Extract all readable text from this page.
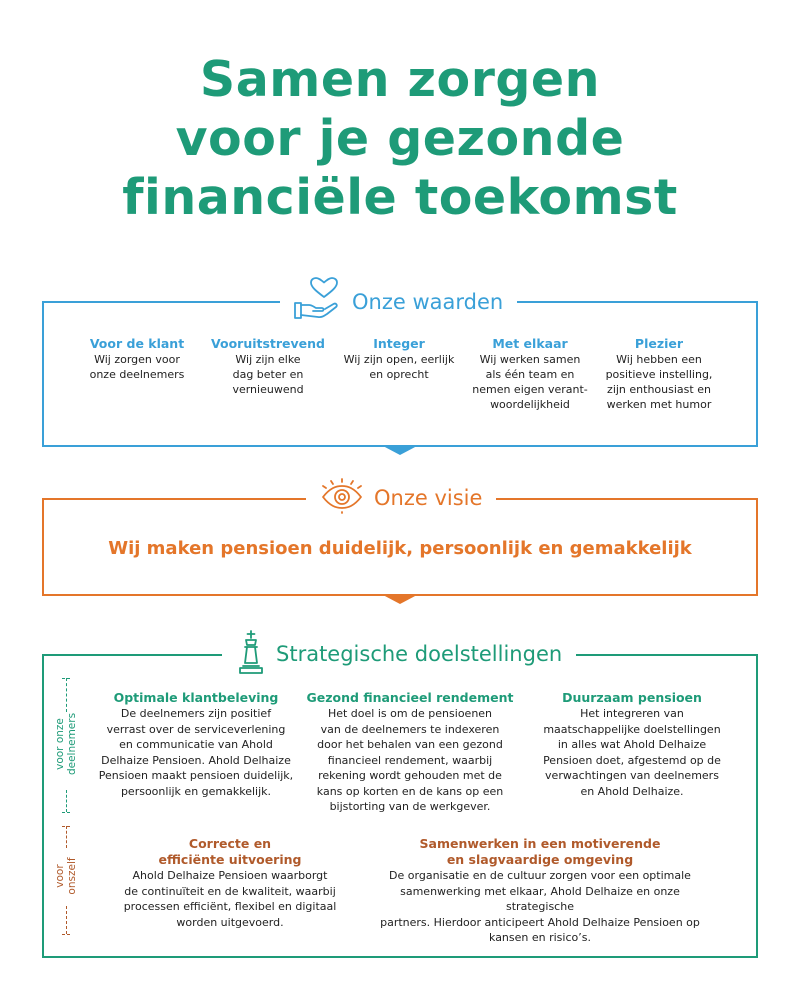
Samen zorgen
voor je gezonde
financiële toekomst
Onze waarden
Voor de klant
Wij zorgen voor
onze deelnemers
Vooruitstrevend
Wij zijn elke
dag beter en
vernieuwend
Integer
Wij zijn open, eerlijk
en oprecht
Met elkaar
Wij werken samen
als één team en
nemen eigen verant-
woordelijkheid
Plezier
Wij hebben een
positieve instelling,
zijn enthousiast en
werken met humor
Onze visie
Wij maken pensioen duidelijk, persoonlijk en gemakkelijk
Strategische doelstellingen
voor onze deelnemers
voor onszelf
Optimale klantbeleving
De deelnemers zijn positief
verrast over de serviceverlening
en communicatie van Ahold
Delhaize Pensioen. Ahold Delhaize
Pensioen maakt pensioen duidelijk,
persoonlijk en gemakkelijk.
Gezond financieel rendement
Het doel is om de pensioenen
van de deelnemers te indexeren
door het behalen van een gezond
financieel rendement, waarbij
rekening wordt gehouden met de
kans op korten en de kans op een
bijstorting van de werkgever.
Duurzaam pensioen
Het integreren van
maatschappelijke doelstellingen
in alles wat Ahold Delhaize
Pensioen doet, afgestemd op de
verwachtingen van deelnemers
en Ahold Delhaize.
Correcte en
efficiënte uitvoering
Ahold Delhaize Pensioen waarborgt
de continuïteit en de kwaliteit, waarbij
processen efficiënt, flexibel en digitaal
worden uitgevoerd.
Samenwerken in een motiverende
en slagvaardige omgeving
De organisatie en de cultuur zorgen voor een optimale
samenwerking met elkaar, Ahold Delhaize en onze strategische
partners. Hierdoor anticipeert Ahold Delhaize Pensioen op
kansen en risico’s.
